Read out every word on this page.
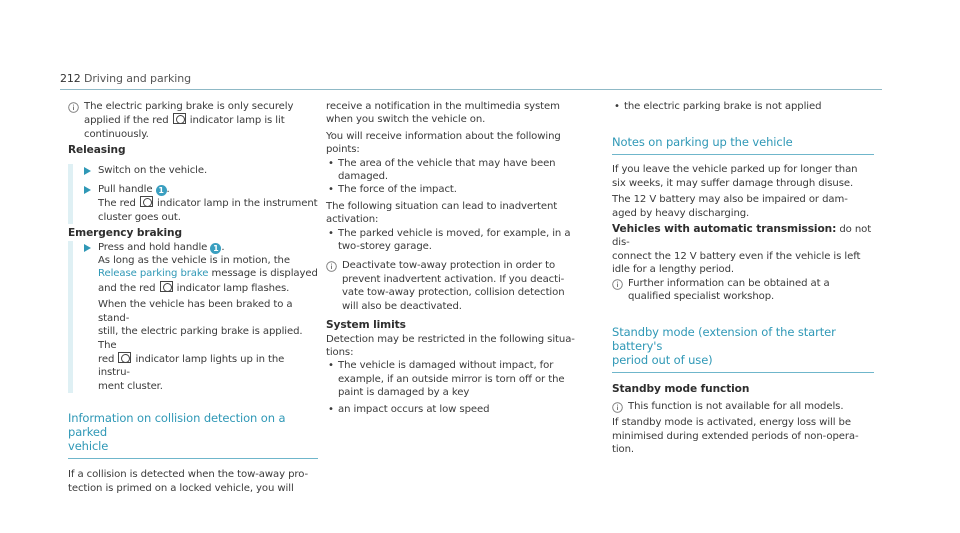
212 Driving and parking

The electric parking brake is only securely

applied if the red indicator lamp is lit

continuously.

Releasing

Switch on the vehicle.

Pull handle 1 .

The red indicator lamp in the instrument

cluster goes out.

Emergency braking

Press and hold handle 1 .

As long as the vehicle is in motion, the

Release parking brake message is displayed

and the red indicator lamp flashes.

When the vehicle has been braked to a stand-

still, the electric parking brake is applied. The

red indicator lamp lights up in the instru-

ment cluster.

Information on collision detection on a parked

vehicle

If a collision is detected when the tow-away pro-

tection is primed on a locked vehicle, you will

receive a notification in the multimedia system

when you switch the vehicle on.

You will receive information about the following

points:

• The area of the vehicle that may have been

damaged.

• The force of the impact.

The following situation can lead to inadvertent

activation:

• The parked vehicle is moved, for example, in a

two-storey garage.

Deactivate tow-away protection in order to

prevent inadvertent activation. If you deacti-

vate tow-away protection, collision detection

will also be deactivated.

System limits

Detection may be restricted in the following situa-

tions:

• The vehicle is damaged without impact, for

example, if an outside mirror is torn off or the

paint is damaged by a key

• an impact occurs at low speed

• the electric parking brake is not applied

Notes on parking up the vehicle

If you leave the vehicle parked up for longer than

six weeks, it may suffer damage through disuse.

The 12 V battery may also be impaired or dam-

aged by heavy discharging.

Vehicles with automatic transmission: do not dis-

connect the 12 V battery even if the vehicle is left

idle for a lengthy period.

Further information can be obtained at a

qualified specialist workshop.

Standby mode (extension of the starter battery's

period out of use)

Standby mode function

This function is not available for all models.

If standby mode is activated, energy loss will be

minimised during extended periods of non-opera-

tion.
